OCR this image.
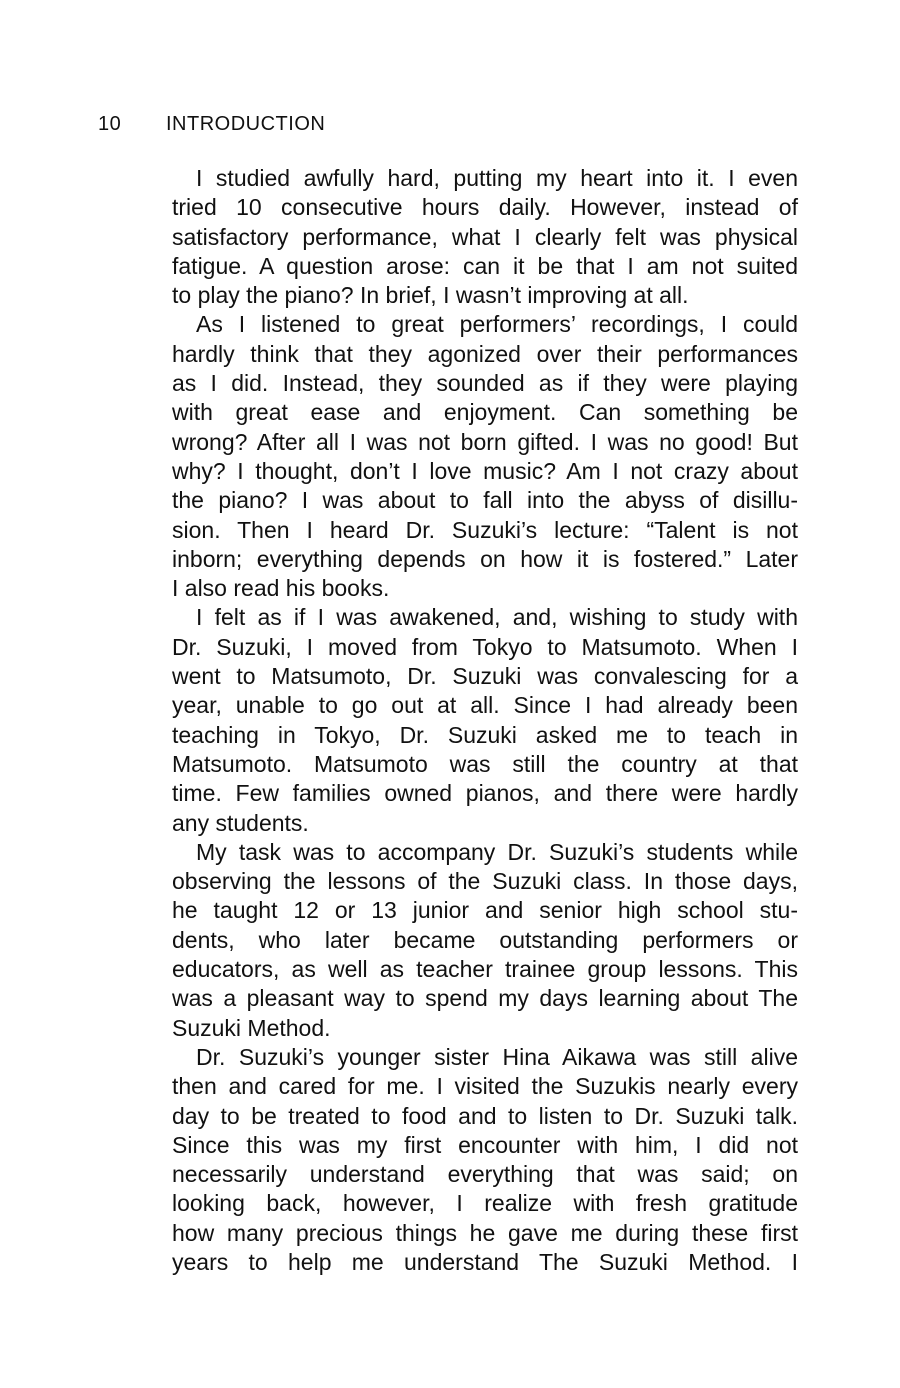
10	INTRODUCTION

I studied awfully hard, putting my heart into it. I even
tried 10 consecutive hours daily. However, instead of
satisfactory performance, what I clearly felt was physical
fatigue. A question arose: can it be that I am not suited
to play the piano? In brief, I wasn’t improving at all.

As I listened to great performers’ recordings, I could
hardly think that they agonized over their performances
as I did. Instead, they sounded as if they were playing
with great ease and enjoyment. Can something be
wrong? After all I was not born gifted. I was no good! But
why? I thought, don’t I love music? Am I not crazy about
the piano? I was about to fall into the abyss of disillu-
sion. Then I heard Dr. Suzuki’s lecture: “Talent is not
inborn; everything depends on how it is fostered.” Later
I also read his books.

I felt as if I was awakened, and, wishing to study with
Dr. Suzuki, I moved from Tokyo to Matsumoto. When I
went to Matsumoto, Dr. Suzuki was convalescing for a
year, unable to go out at all. Since I had already been
teaching in Tokyo, Dr. Suzuki asked me to teach in
Matsumoto. Matsumoto was still the country at that
time. Few families owned pianos, and there were hardly
any students.

My task was to accompany Dr. Suzuki’s students while
observing the lessons of the Suzuki class. In those days,
he taught 12 or 13 junior and senior high school stu-
dents, who later became outstanding performers or
educators, as well as teacher trainee group lessons. This
was a pleasant way to spend my days learning about The
Suzuki Method.

Dr. Suzuki’s younger sister Hina Aikawa was still alive
then and cared for me. I visited the Suzukis nearly every
day to be treated to food and to listen to Dr. Suzuki talk.
Since this was my first encounter with him, I did not
necessarily understand everything that was said; on
looking back, however, I realize with fresh gratitude
how many precious things he gave me during these first
years to help me understand The Suzuki Method. I
